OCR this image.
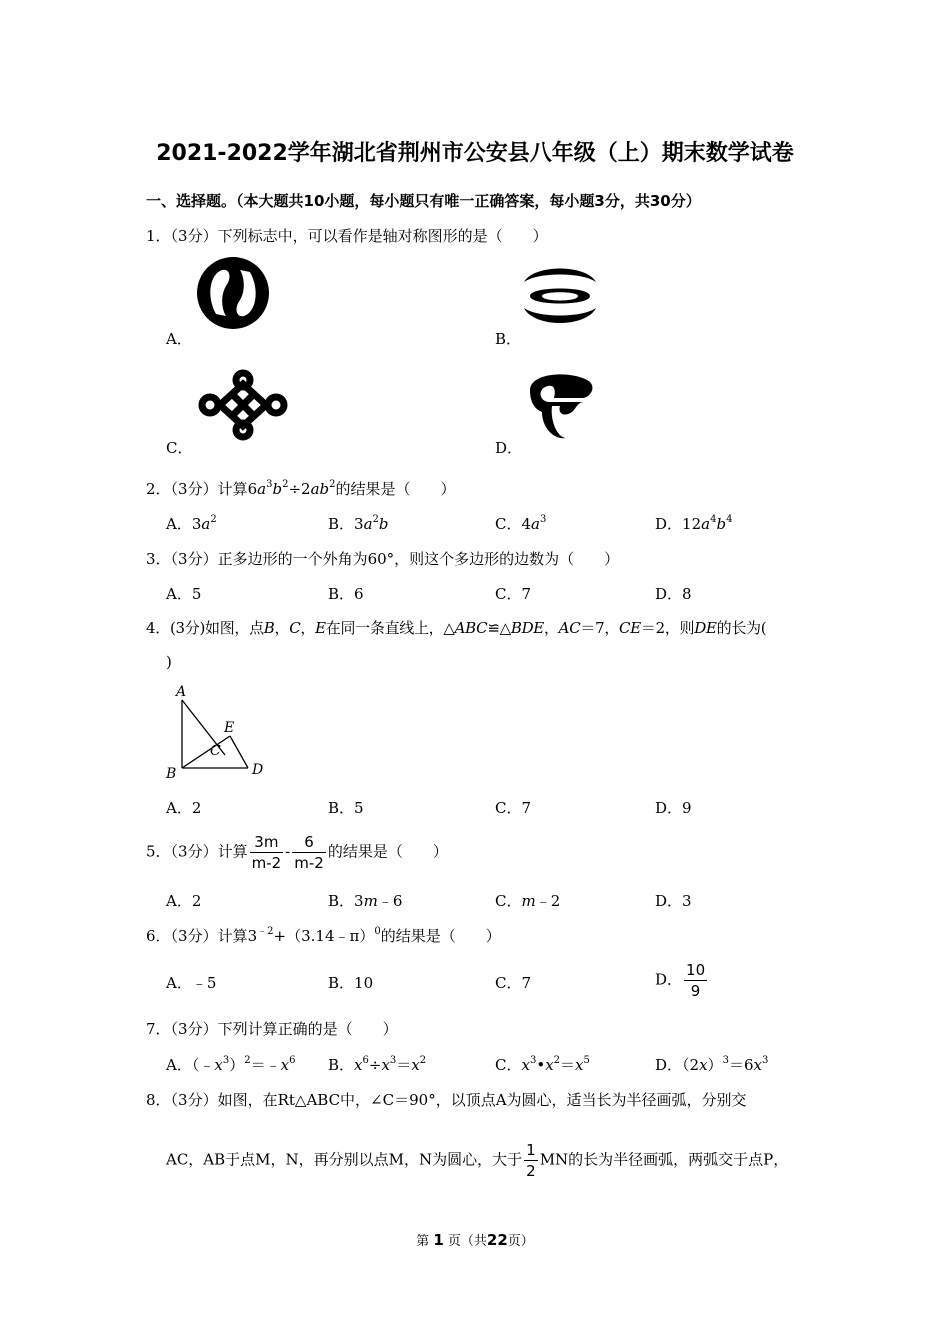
2021-2022学年湖北省荆州市公安县八年级（上）期末数学试卷
一、选择题。（本大题共10小题，每小题只有唯一正确答案，每小题3分，共30分）
1．（3分）下列标志中，可以看作是轴对称图形的是（　　）
A．	B．
C．	D．
2．（3分）计算$6a^3b^2\div 2ab^2$的结果是（　　）
A．$3a^2$	B．$3a^2b$	C．$4a^3$	D．$12a^4b^4$
3．（3分）正多边形的一个外角为60°，则这个多边形的边数为（　　）
A．5	B．6	C．7	D．8
4．(3分)如图，点B，C，E在同一条直线上，△ABC≌△BDE，AC＝7，CE＝2，则DE的长为(
)
A
B
C
D
E
A．2	B．5	C．7	D．9
5．（3分）计算 $\frac{3m}{m-2} - \frac{6}{m-2}$ 的结果是（　　）
A．2	B．3m﹣6	C．m﹣2	D．3
6．（3分）计算$3^{﹣2}+(3.14﹣\pi)^0$的结果是（　　）
A．﹣5	B．10	C．7	D． $\frac{10}{9}$
7．（3分）下列计算正确的是（　　）
A．$(﹣x^3)^2=﹣x^6$ B．$x^6\div x^3=x^2$	C．$x^3•x^2=x^5$	D．$(2x)^3=6x^3$
8．（3分）如图，在Rt△ABC中，∠C＝90°，以顶点A为圆心，适当长为半径画弧，分别交
AC，AB于点M，N，再分别以点M，N为圆心，大于 $\frac{1}{2}$ MN的长为半径画弧，两弧交于点P，
第 1 页（共22页）
